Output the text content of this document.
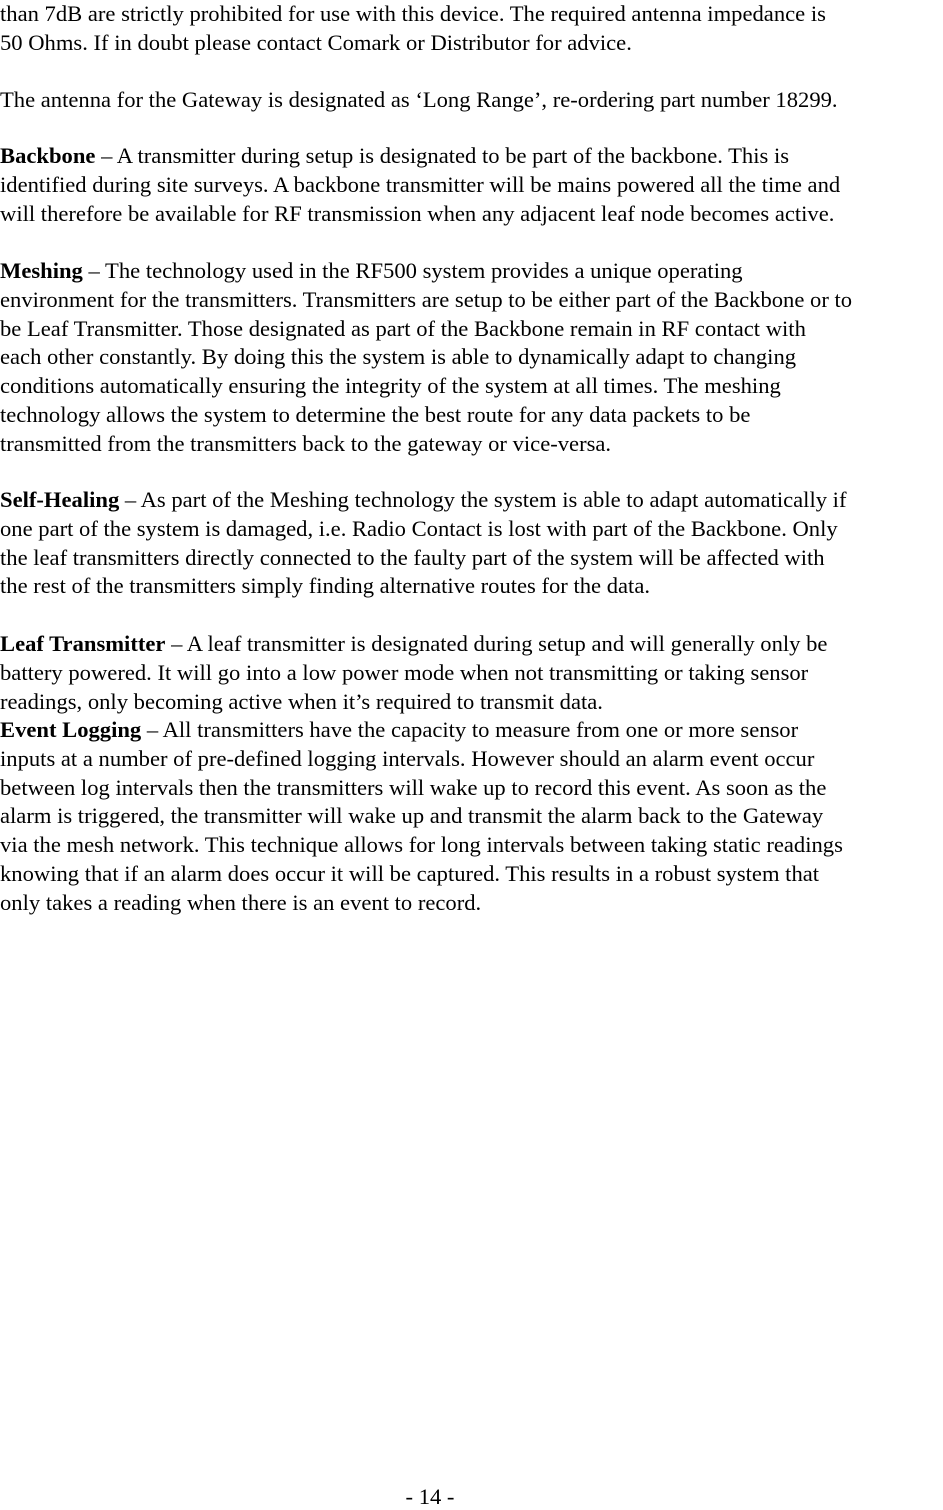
than 7dB are strictly prohibited for use with this device. The required antenna impedance is
50 Ohms. If in doubt please contact Comark or Distributor for advice.

The antenna for the Gateway is designated as ‘Long Range’, re-ordering part number 18299.

Backbone – A transmitter during setup is designated to be part of the backbone. This is
identified during site surveys. A backbone transmitter will be mains powered all the time and
will therefore be available for RF transmission when any adjacent leaf node becomes active.

Meshing – The technology used in the RF500 system provides a unique operating
environment for the transmitters. Transmitters are setup to be either part of the Backbone or to
be Leaf Transmitter. Those designated as part of the Backbone remain in RF contact with
each other constantly. By doing this the system is able to dynamically adapt to changing
conditions automatically ensuring the integrity of the system at all times. The meshing
technology allows the system to determine the best route for any data packets to be
transmitted from the transmitters back to the gateway or vice-versa.

Self-Healing – As part of the Meshing technology the system is able to adapt automatically if
one part of the system is damaged, i.e. Radio Contact is lost with part of the Backbone. Only
the leaf transmitters directly connected to the faulty part of the system will be affected with
the rest of the transmitters simply finding alternative routes for the data.

Leaf Transmitter – A leaf transmitter is designated during setup and will generally only be
battery powered. It will go into a low power mode when not transmitting or taking sensor
readings, only becoming active when it’s required to transmit data.

Event Logging – All transmitters have the capacity to measure from one or more sensor
inputs at a number of pre-defined logging intervals. However should an alarm event occur
between log intervals then the transmitters will wake up to record this event. As soon as the
alarm is triggered, the transmitter will wake up and transmit the alarm back to the Gateway
via the mesh network. This technique allows for long intervals between taking static readings
knowing that if an alarm does occur it will be captured. This results in a robust system that
only takes a reading when there is an event to record.

- 14 -
